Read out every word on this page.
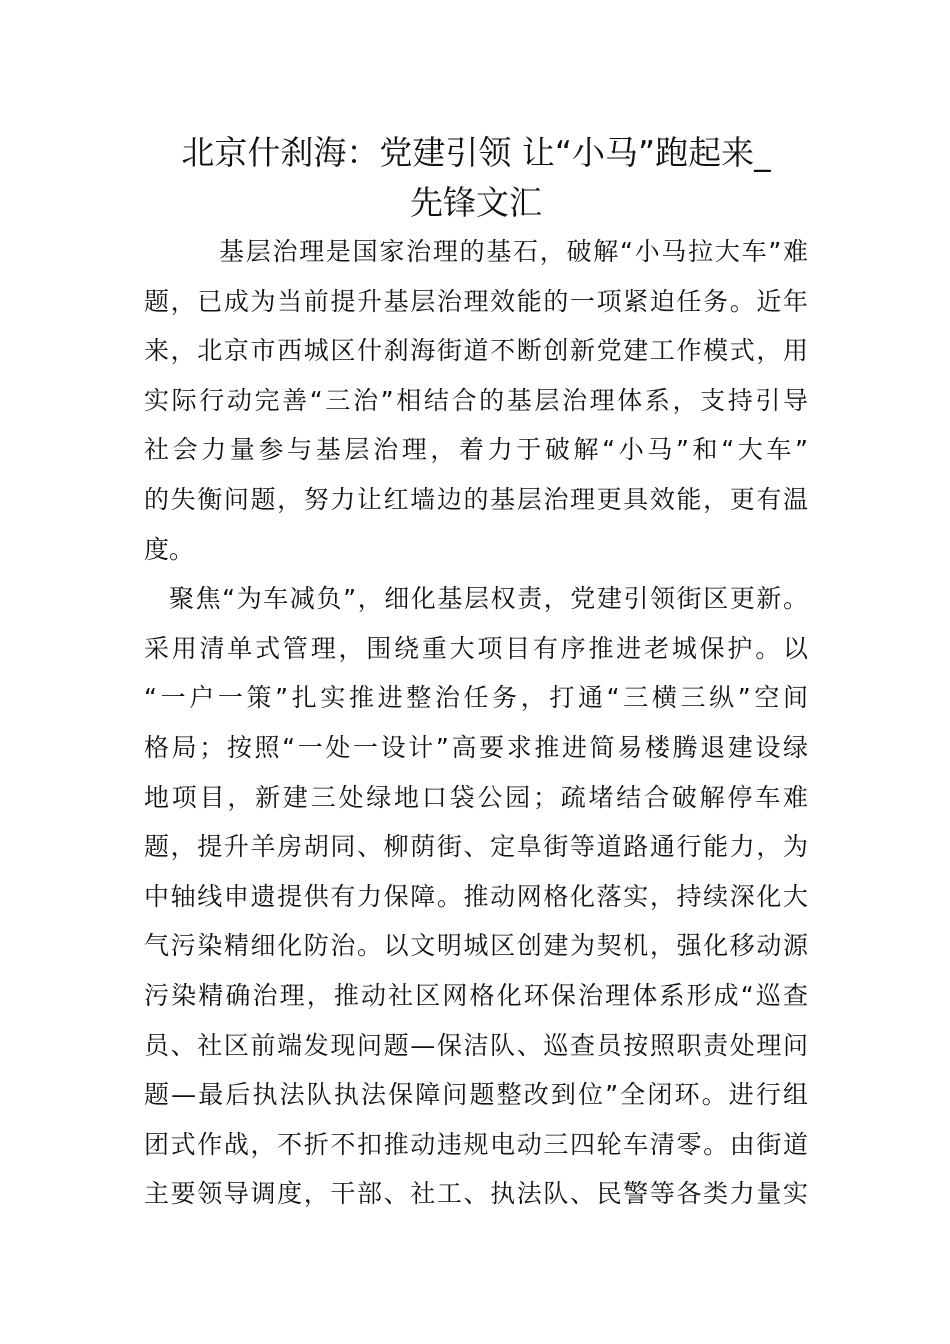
北京什刹海：党建引领 让“小马”跑起来_
先锋文汇
基层治理是国家治理的基石，破解“小马拉大车”难
题，已成为当前提升基层治理效能的一项紧迫任务。近年
来，北京市西城区什刹海街道不断创新党建工作模式，用
实际行动完善“三治”相结合的基层治理体系，支持引导
社会力量参与基层治理，着力于破解“小马”和“大车”
的失衡问题，努力让红墙边的基层治理更具效能，更有温
度。
聚焦“为车减负”，细化基层权责，党建引领街区更新。
采用清单式管理，围绕重大项目有序推进老城保护。以
“一户一策”扎实推进整治任务，打通“三横三纵”空间
格局；按照“一处一设计”高要求推进简易楼腾退建设绿
地项目，新建三处绿地口袋公园；疏堵结合破解停车难
题，提升羊房胡同、柳荫街、定阜街等道路通行能力，为
中轴线申遗提供有力保障。推动网格化落实，持续深化大
气污染精细化防治。以文明城区创建为契机，强化移动源
污染精确治理，推动社区网格化环保治理体系形成“巡查
员、社区前端发现问题—保洁队、巡查员按照职责处理问
题—最后执法队执法保障问题整改到位”全闭环。进行组
团式作战，不折不扣推动违规电动三四轮车清零。由街道
主要领导调度，干部、社工、执法队、民警等各类力量实
